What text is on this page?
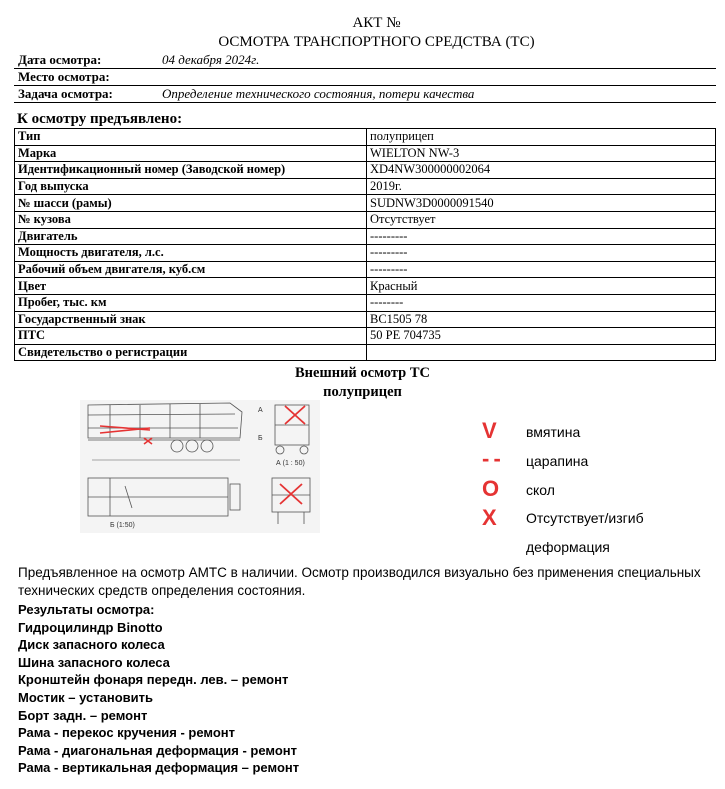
АКТ №
ОСМОТРА ТРАНСПОРТНОГО СРЕДСТВА (ТС)
Дата осмотра:	04 декабря 2024г.
Место осмотра:
Задача осмотра:	Определение технического состояния, потери качества
К осмотру предъявлено:
Тип	полуприцеп
Марка	WIELTON NW-3
Идентификационный номер (Заводской номер)	XD4NW300000002064
Год выпуска	2019г.
№ шасси (рамы)	SUDNW3D0000091540
№ кузова	Отсутствует
Двигатель	---------
Мощность двигателя, л.с.	---------
Рабочий объем двигателя, куб.см	---------
Цвет	Красный
Пробег, тыс. км	--------
Государственный знак	ВС1505 78
ПТС	50 РЕ 704735
Свидетельство о регистрации	
Внешний осмотр ТС
полуприцеп
Б (1:50)
А
Б
А (1 : 50)
V вмятина
- - царапина
O скол
X Отсутствует/изгиб
деформация
Предъявленное на осмотр АМТС в наличии. Осмотр производился визуально без применения специальных технических средств определения состояния.
Результаты осмотра:
Гидроцилиндр Binotto
Диск запасного колеса
Шина запасного колеса
Кронштейн фонаря передн. лев. – ремонт
Мостик – установить
Борт задн. – ремонт
Рама - перекос кручения - ремонт
Рама - диагональная деформация - ремонт
Рама - вертикальная деформация – ремонт
